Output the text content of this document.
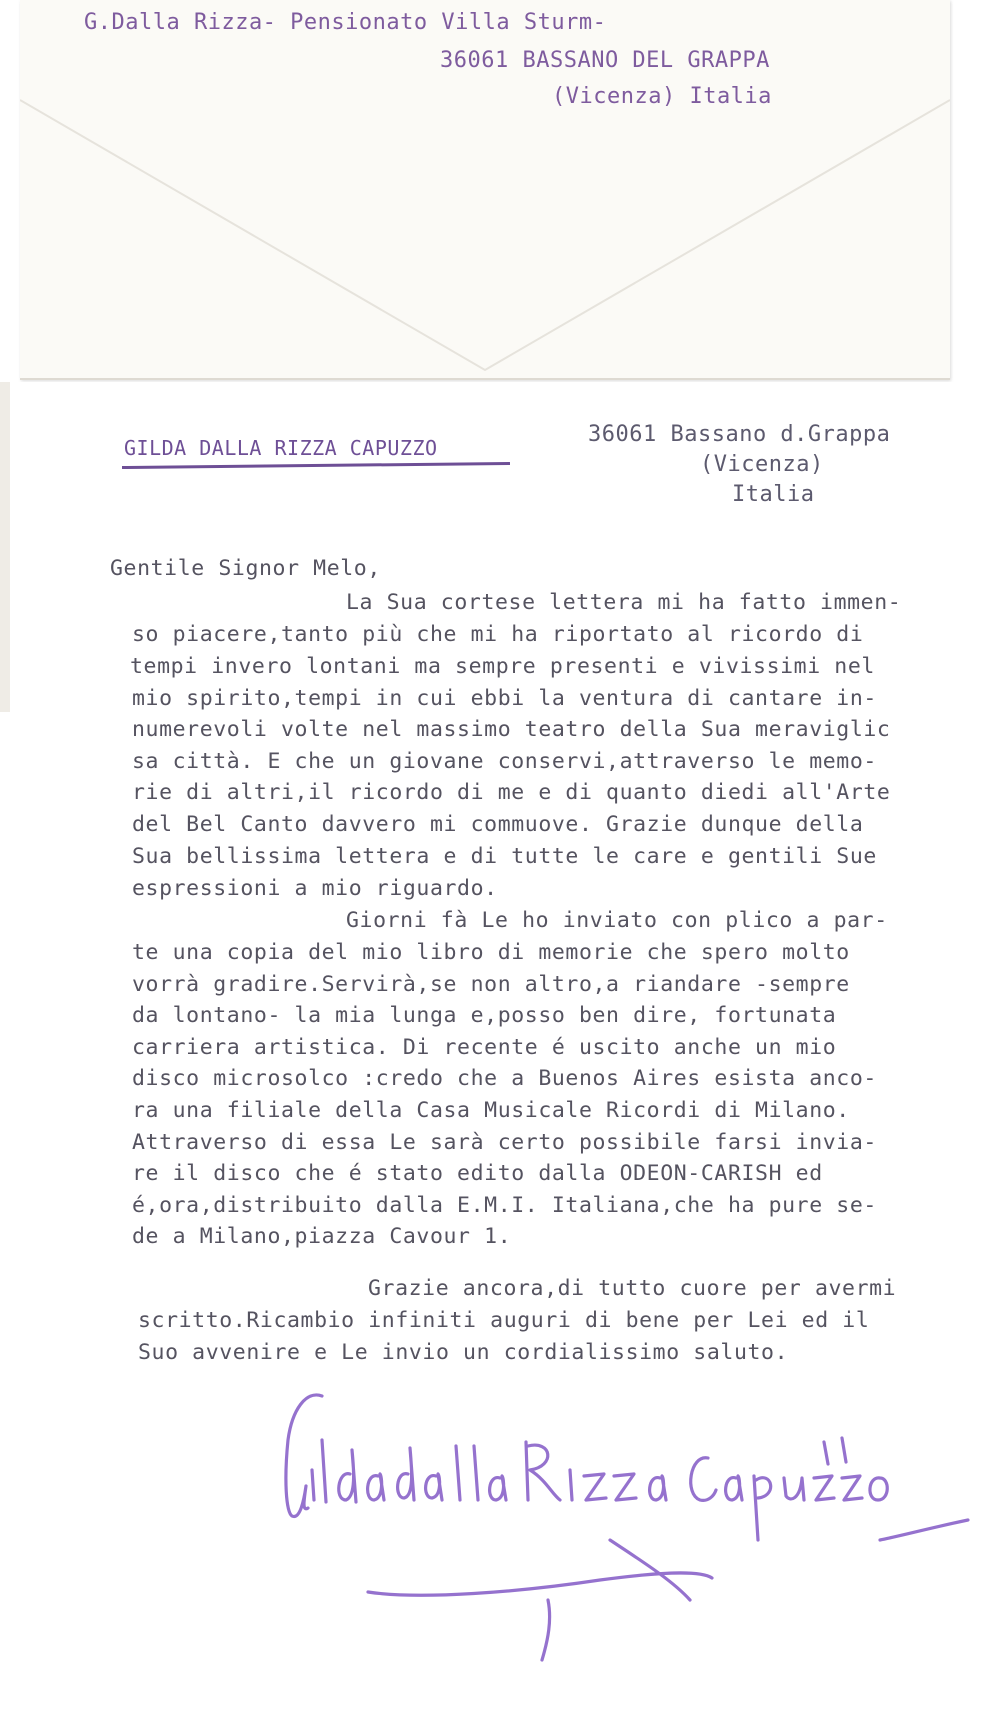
G.Dalla Rizza- Pensionato Villa Sturm-
36061 BASSANO DEL GRAPPA
(Vicenza) Italia
GILDA DALLA RIZZA CAPUZZO
36061 Bassano d.Grappa
(Vicenza)
Italia
Gentile Signor Melo,
La Sua cortese lettera mi ha fatto immen-
so piacere,tanto più che mi ha riportato al ricordo di
tempi invero lontani ma sempre presenti e vivissimi nel
mio spirito,tempi in cui ebbi la ventura di cantare in-
numerevoli volte nel massimo teatro della Sua meraviglic
sa città. E che un giovane conservi,attraverso le memo-
rie di altri,il ricordo di me e di quanto diedi all'Arte
del Bel Canto davvero mi commuove. Grazie dunque della
Sua bellissima lettera e di tutte le care e gentili Sue
espressioni a mio riguardo.
Giorni fà Le ho inviato con plico a par-
te una copia del mio libro di memorie che spero molto
vorrà gradire.Servirà,se non altro,a riandare -sempre
da lontano- la mia lunga e,posso ben dire, fortunata
carriera artistica. Di recente é uscito anche un mio
disco microsolco :credo che a Buenos Aires esista anco-
ra una filiale della Casa Musicale Ricordi di Milano.
Attraverso di essa Le sarà certo possibile farsi invia-
re il disco che é stato edito dalla ODEON-CARISH ed
é,ora,distribuito dalla E.M.I. Italiana,che ha pure se-
de a Milano,piazza Cavour 1.
Grazie ancora,di tutto cuore per avermi
scritto.Ricambio infiniti auguri di bene per Lei ed il
Suo avvenire e Le invio un cordialissimo saluto.
